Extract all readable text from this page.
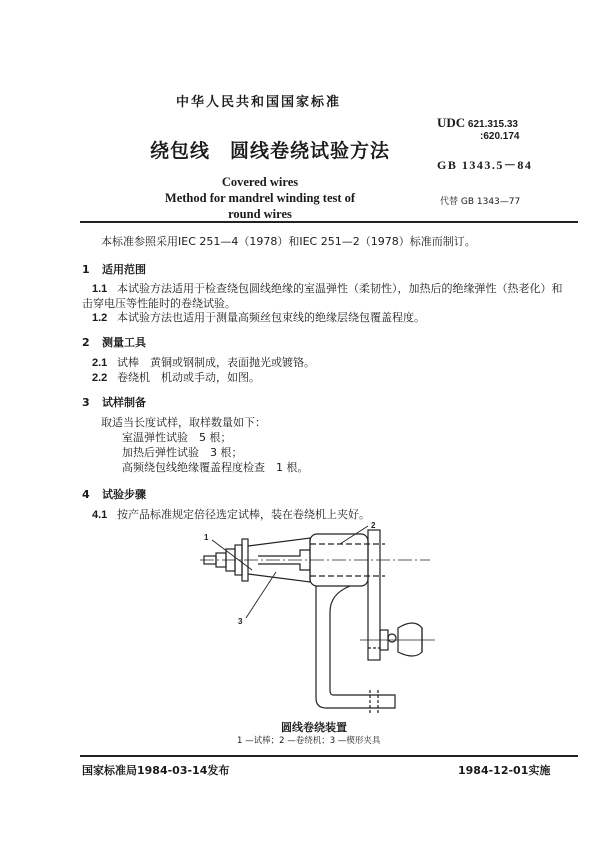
中华人民共和国国家标准
绕包线　圆线卷绕试验方法
Covered wires
Method for mandrel winding test of
round wires
UDC 621.315.33
:620.174
GB 1343.5－84
代替 GB 1343—77
本标准参照采用IEC 251—4（1978）和IEC 251—2（1978）标准而制订。
1 适用范围
1.1 本试验方法适用于检查绕包圆线绝缘的室温弹性（柔韧性），加热后的绝缘弹性（热老化）和
击穿电压等性能时的卷绕试验。
1.2 本试验方法也适用于测量高频丝包束线的绝缘层绕包覆盖程度。
2 测量工具
2.1 试棒　黄铜或钢制成，表面抛光或镀铬。
2.2 卷绕机　机动或手动，如图。
3 试样制备
取适当长度试样，取样数量如下：
室温弹性试验　5 根；
加热后弹性试验　3 根；
高频绕包线绝缘覆盖程度检查　1 根。
4 试验步骤
4.1 按产品标准规定倍径选定试棒，装在卷绕机上夹好。
1
2
3
圆线卷绕装置
1 —试棒；2 —卷绕机；3 —楔形夹具
国家标准局1984-03-14发布	1984-12-01实施
